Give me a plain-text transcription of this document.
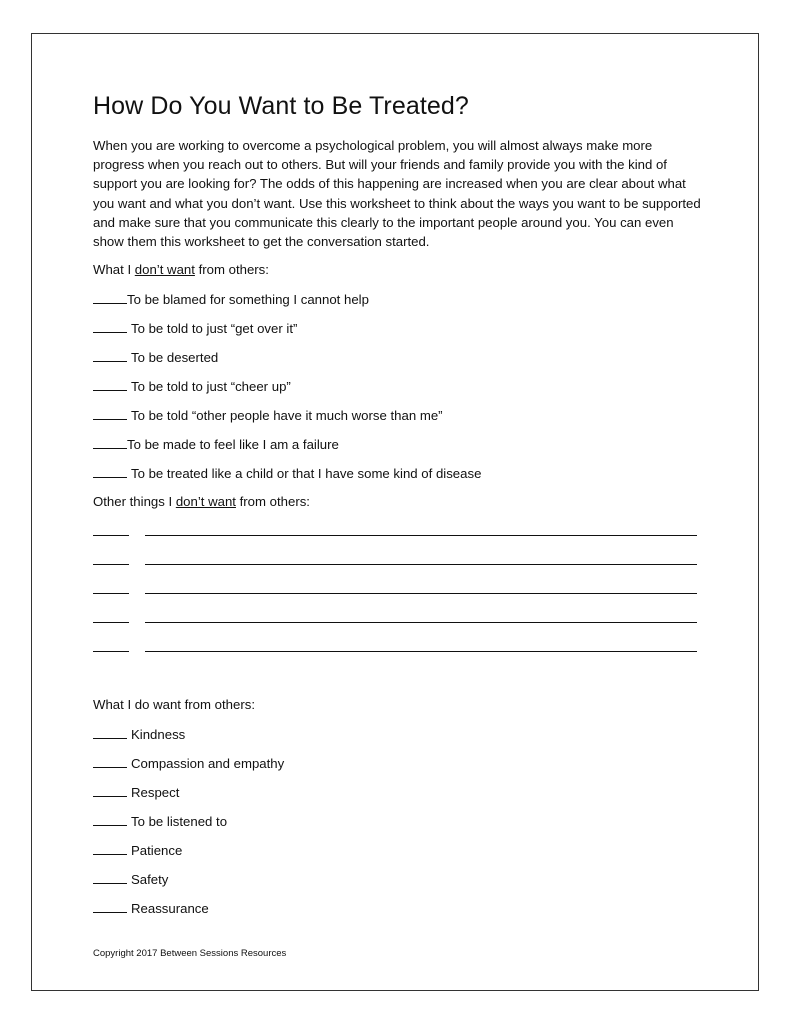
How Do You Want to Be Treated?

When you are working to overcome a psychological problem, you will almost always make more progress when you reach out to others. But will your friends and family provide you with the kind of support you are looking for? The odds of this happening are increased when you are clear about what you want and what you don’t want. Use this worksheet to think about the ways you want to be supported and make sure that you communicate this clearly to the important people around you. You can even show them this worksheet to get the conversation started.

What I don’t want from others:

To be blamed for something I cannot help
To be told to just “get over it”
To be deserted
To be told to just “cheer up”
To be told “other people have it much worse than me”
To be made to feel like I am a failure
To be treated like a child or that I have some kind of disease

Other things I don’t want from others:

What I do want from others:

Kindness
Compassion and empathy
Respect
To be listened to
Patience
Safety
Reassurance
Copyright 2017 Between Sessions Resources
